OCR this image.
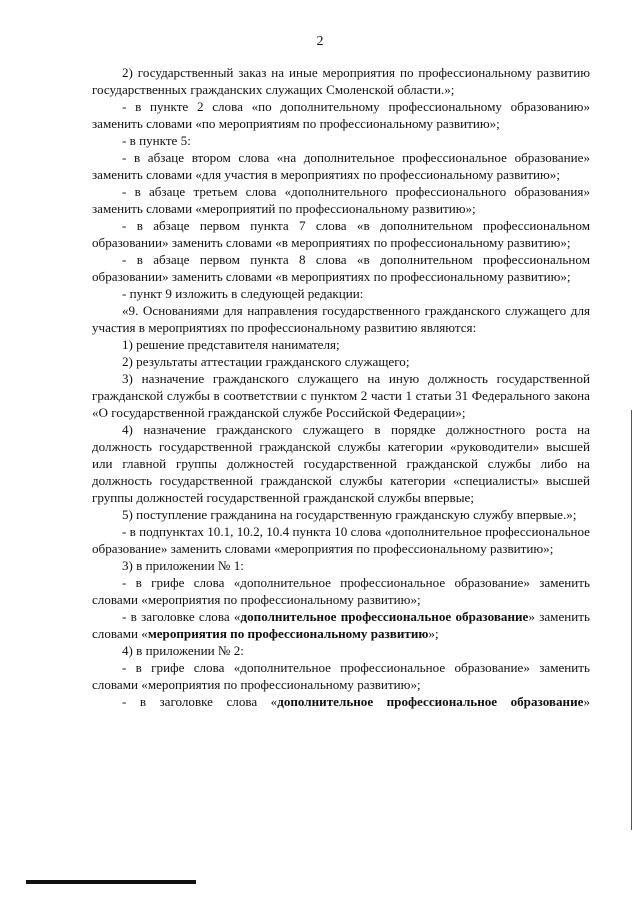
2

2) государственный заказ на иные мероприятия по профессиональному развитию государственных гражданских служащих Смоленской области.»;

- в пункте 2 слова «по дополнительному профессиональному образованию» заменить словами «по мероприятиям по профессиональному развитию»;

- в пункте 5:

- в абзаце втором слова «на дополнительное профессиональное образование» заменить словами «для участия в мероприятиях по профессиональному развитию»;

- в абзаце третьем слова «дополнительного профессионального образования» заменить словами «мероприятий по профессиональному развитию»;

- в абзаце первом пункта 7 слова «в дополнительном профессиональном образовании» заменить словами «в мероприятиях по профессиональному развитию»;

- в абзаце первом пункта 8 слова «в дополнительном профессиональном образовании» заменить словами «в мероприятиях по профессиональному развитию»;

- пункт 9 изложить в следующей редакции:

«9. Основаниями для направления государственного гражданского служащего для участия в мероприятиях по профессиональному развитию являются:

1) решение представителя нанимателя;

2) результаты аттестации гражданского служащего;

3) назначение гражданского служащего на иную должность государственной гражданской службы в соответствии с пунктом 2 части 1 статьи 31 Федерального закона «О государственной гражданской службе Российской Федерации»;

4) назначение гражданского служащего в порядке должностного роста на должность государственной гражданской службы категории «руководители» высшей или главной группы должностей государственной гражданской службы либо на должность государственной гражданской службы категории «специалисты» высшей группы должностей государственной гражданской службы впервые;

5) поступление гражданина на государственную гражданскую службу впервые.»;

- в подпунктах 10.1, 10.2, 10.4 пункта 10 слова «дополнительное профессиональное образование» заменить словами «мероприятия по профессиональному развитию»;

3) в приложении № 1:

- в грифе слова «дополнительное профессиональное образование» заменить словами «мероприятия по профессиональному развитию»;

- в заголовке слова «дополнительное профессиональное образование» заменить словами «мероприятия по профессиональному развитию»;

4) в приложении № 2:

- в грифе слова «дополнительное профессиональное образование» заменить словами «мероприятия по профессиональному развитию»;

- в заголовке слова «дополнительное профессиональное образование»
